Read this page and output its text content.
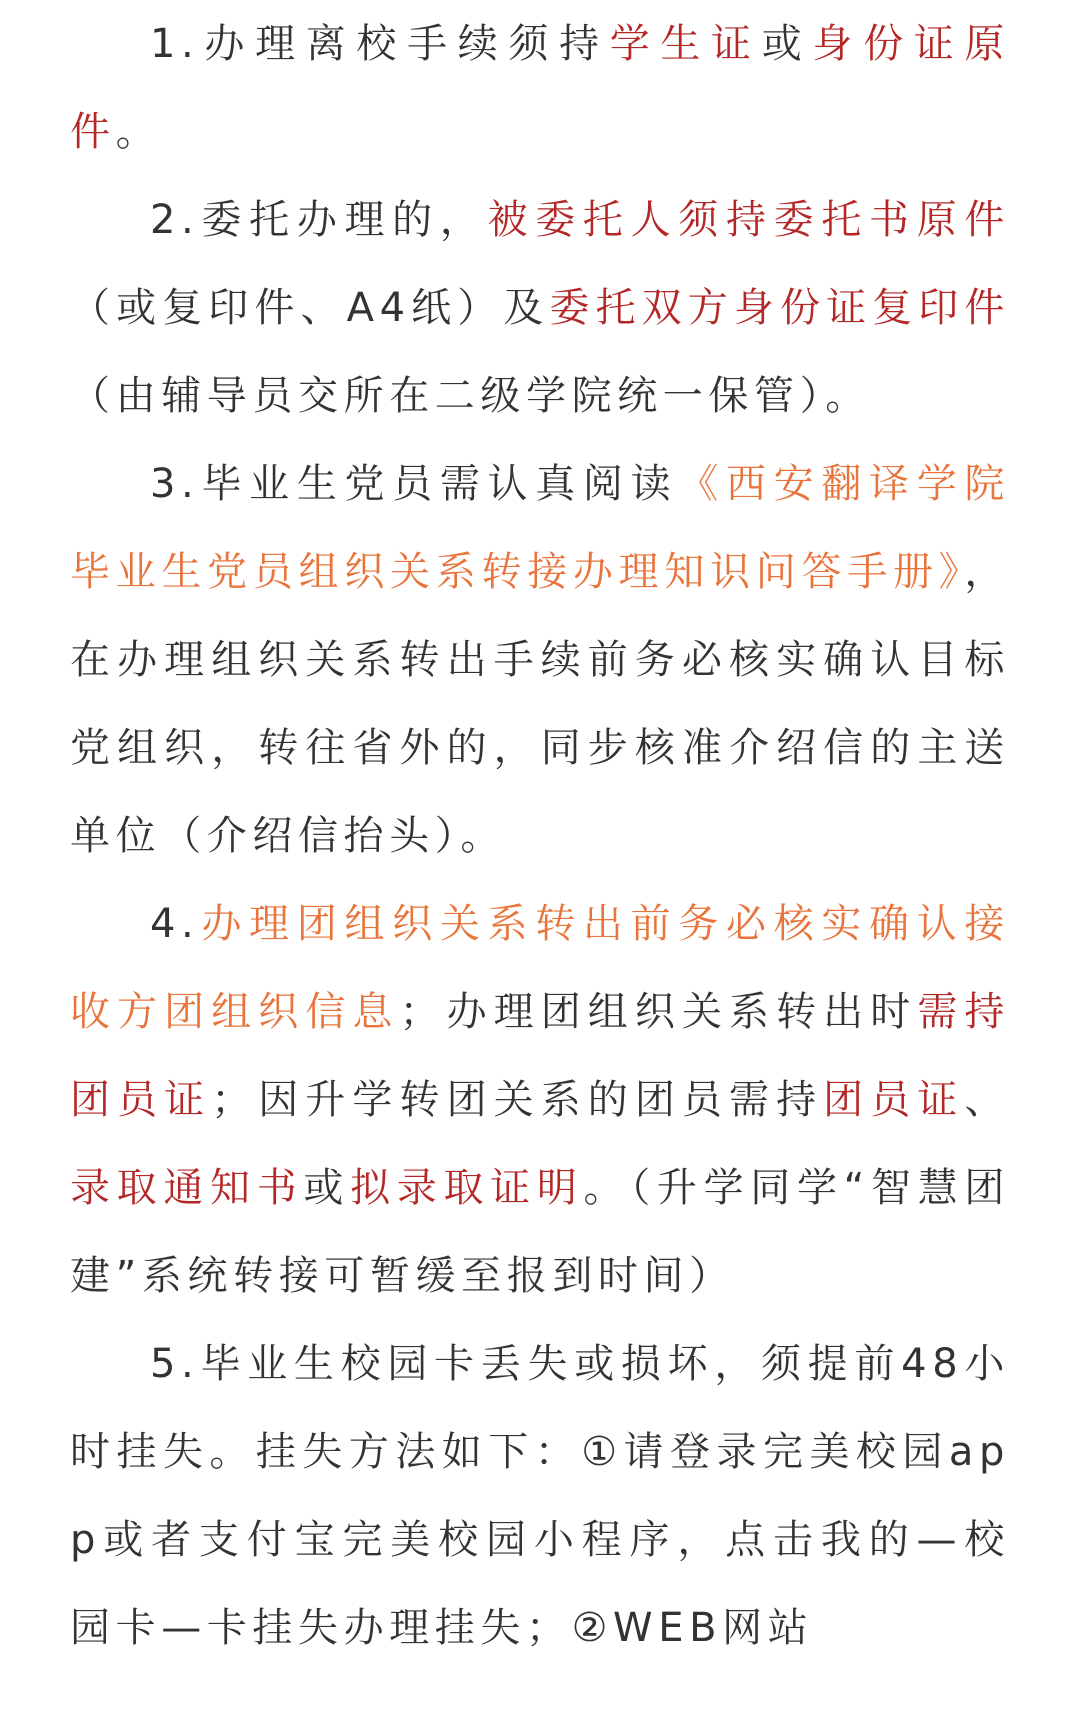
1.办理离校手续须持学生证或身份证原件。

2.委托办理的，被委托人须持委托书原件（或复印件、A4纸）及委托双方身份证复印件（由辅导员交所在二级学院统一保管）。

3.毕业生党员需认真阅读《西安翻译学院毕业生党员组织关系转接办理知识问答手册》，在办理组织关系转出手续前务必核实确认目标党组织，转往省外的，同步核准介绍信的主送单位（介绍信抬头）。

4.办理团组织关系转出前务必核实确认接收方团组织信息；办理团组织关系转出时需持团员证；因升学转团关系的团员需持团员证、录取通知书或拟录取证明。（升学同学“智慧团建”系统转接可暂缓至报到时间）

5.毕业生校园卡丢失或损坏，须提前48小时挂失。挂失方法如下：①请登录完美校园app或者支付宝完美校园小程序，点击我的—校园卡—卡挂失办理挂失；②WEB网站
